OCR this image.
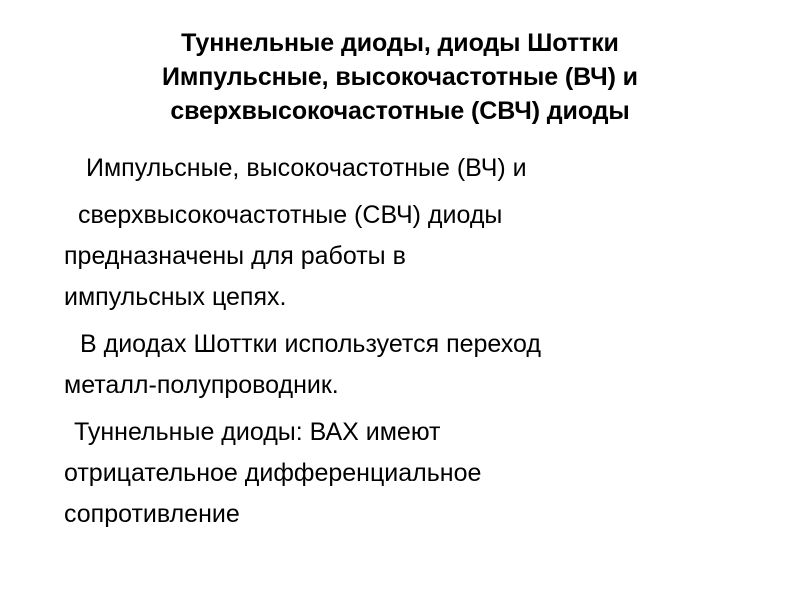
Туннельные диоды, диоды Шоттки
Импульсные, высокочастотные (ВЧ) и
сверхвысокочастотные (СВЧ) диоды

Импульсные, высокочастотные (ВЧ) и

сверхвысокочастотные (СВЧ) диоды

предназначены для работы в

импульсных цепях.

В диодах Шоттки используется переход

металл-полупроводник.

Туннельные диоды: ВАХ имеют

отрицательное дифференциальное

сопротивление
